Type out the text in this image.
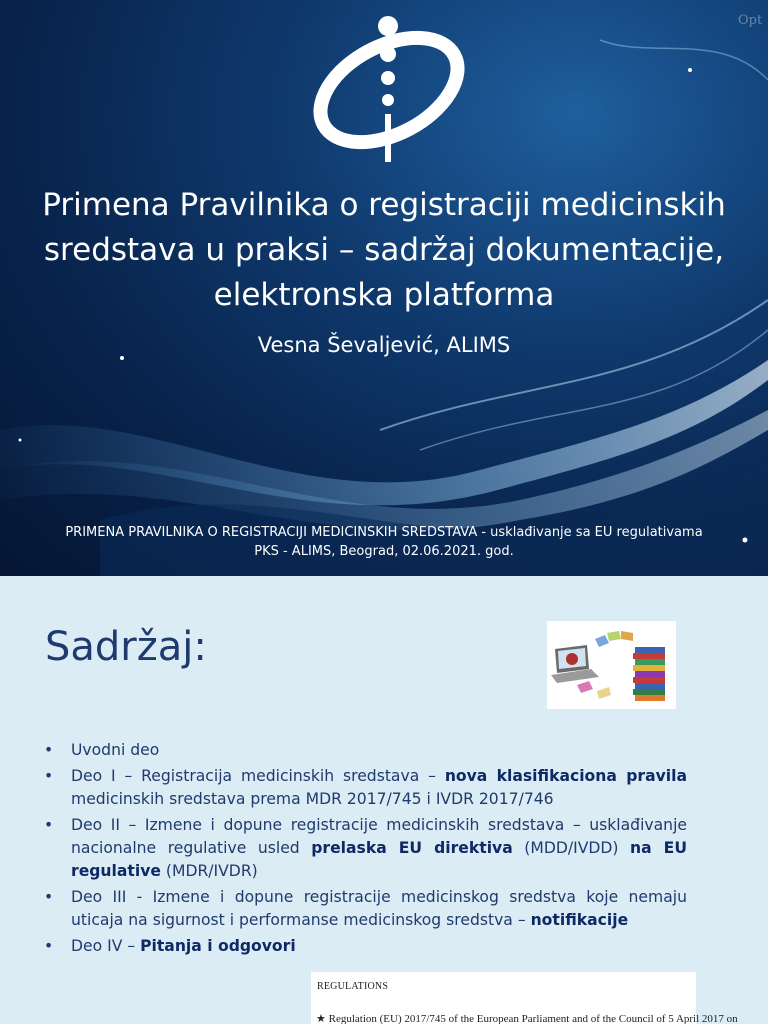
Opt
Primena Pravilnika o registraciji medicinskih
sredstava u praksi – sadržaj dokumentacije,
elektronska platforma
Vesna Ševaljević, ALIMS
PRIMENA PRAVILNIKA O REGISTRACIJI MEDICINSKIH SREDSTAVA - usklađivanje sa EU regulativama
PKS - ALIMS, Beograd, 02.06.2021. god.
Sadržaj:
• Uvodni deo
• Deo I – Registracija medicinskih sredstava – nova klasifikaciona pravila medicinskih sredstava prema MDR 2017/745 i IVDR 2017/746
• Deo II – Izmene i dopune registracije medicinskih sredstava – usklađivanje nacionalne regulative usled prelaska EU direktiva (MDD/IVDD) na EU regulative (MDR/IVDR)
• Deo III - Izmene i dopune registracije medicinskog sredstva koje nemaju uticaja na sigurnost i performanse medicinskog sredstva – notifikacije
• Deo IV – Pitanja i odgovori
REGULATIONS
★ Regulation (EU) 2017/745 of the European Parliament and of the Council of 5 April 2017 on
